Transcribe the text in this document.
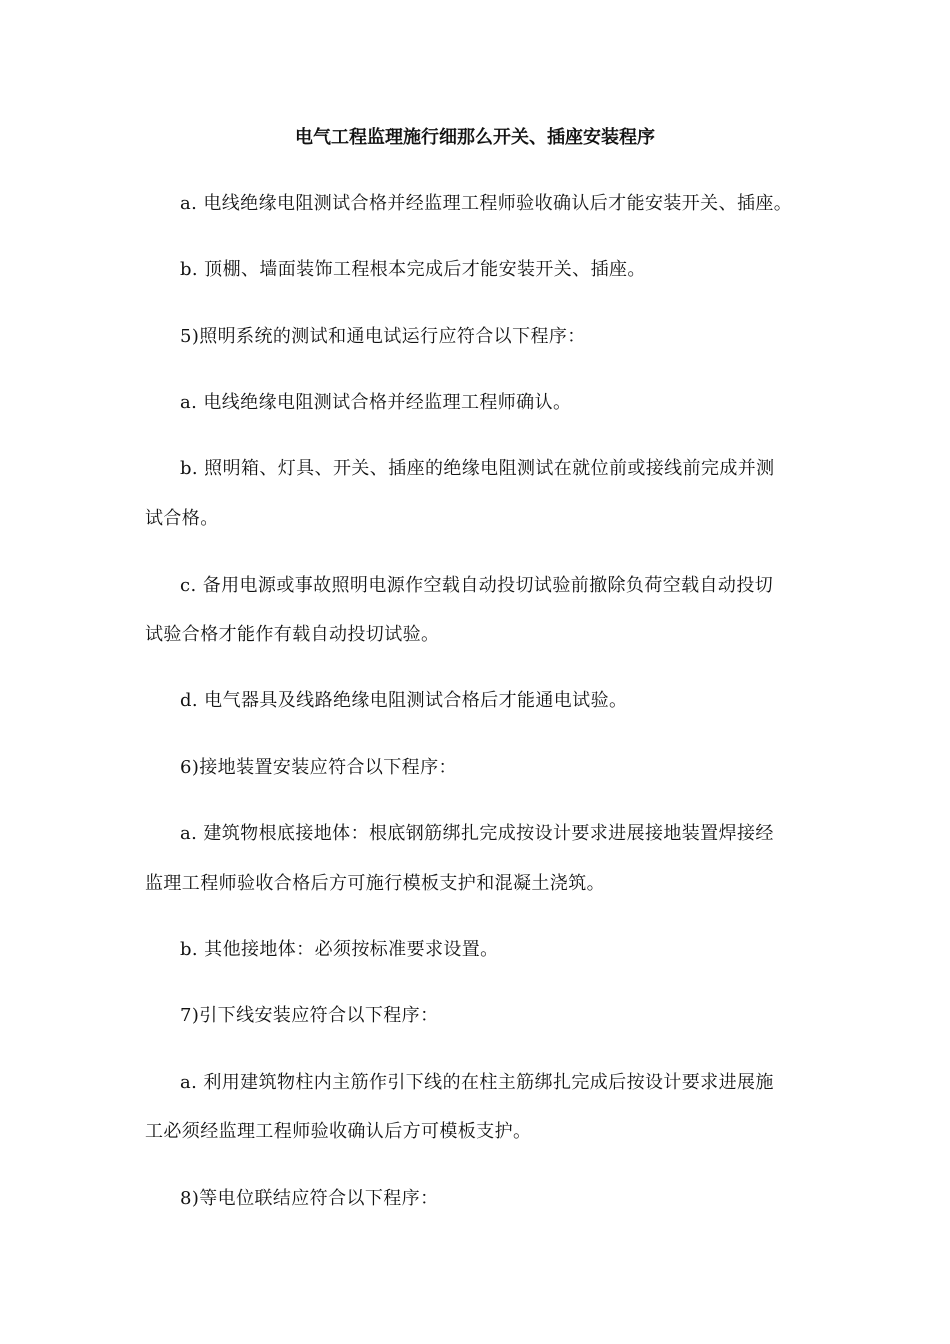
电气工程监理施行细那么开关、插座安装程序
a. 电线绝缘电阻测试合格并经监理工程师验收确认后才能安装开关、插座。
b. 顶棚、墙面装饰工程根本完成后才能安装开关、插座。
5)照明系统的测试和通电试运行应符合以下程序：
a. 电线绝缘电阻测试合格并经监理工程师确认。
b. 照明箱、灯具、开关、插座的绝缘电阻测试在就位前或接线前完成并测
试合格。
c. 备用电源或事故照明电源作空载自动投切试验前撤除负荷空载自动投切
试验合格才能作有载自动投切试验。
d. 电气器具及线路绝缘电阻测试合格后才能通电试验。
6)接地装置安装应符合以下程序：
a. 建筑物根底接地体：根底钢筋绑扎完成按设计要求进展接地装置焊接经
监理工程师验收合格后方可施行模板支护和混凝土浇筑。
b. 其他接地体：必须按标准要求设置。
7)引下线安装应符合以下程序：
a. 利用建筑物柱内主筋作引下线的在柱主筋绑扎完成后按设计要求进展施
工必须经监理工程师验收确认后方可模板支护。
8)等电位联结应符合以下程序：
